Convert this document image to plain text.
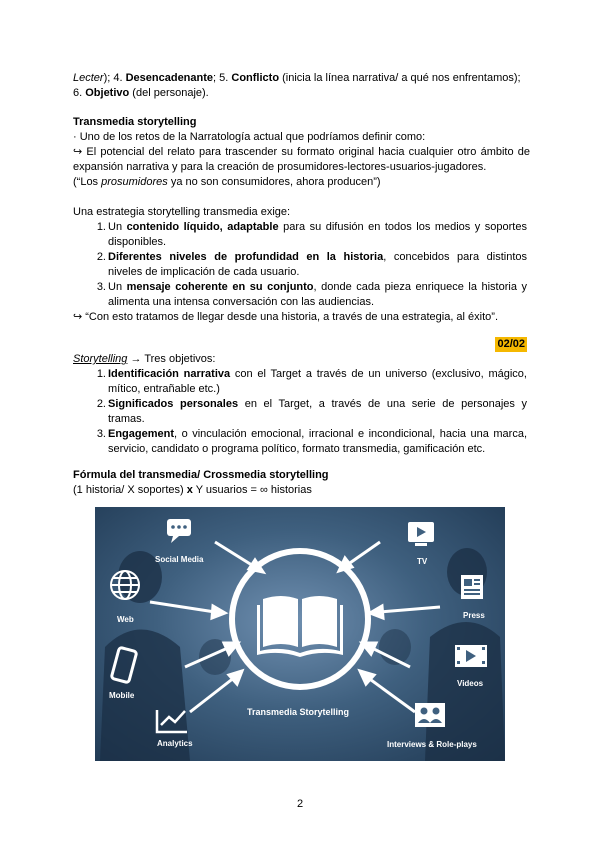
Lecter); 4. Desencadenante; 5. Conflicto (inicia la línea narrativa/ a qué nos enfrentamos);
6. Objetivo (del personaje).
Transmedia storytelling
· Uno de los retos de la Narratología actual que podríamos definir como:
↪ El potencial del relato para trascender su formato original hacia cualquier otro ámbito de
expansión narrativa y para la creación de prosumidores-lectores-usuarios-jugadores.
(“Los prosumidores ya no son consumidores, ahora producen”)
Una estrategia storytelling transmedia exige:
1. Un contenido líquido, adaptable para su difusión en todos los medios y soportes
disponibles.
2. Diferentes niveles de profundidad en la historia, concebidos para distintos
niveles de implicación de cada usuario.
3. Un mensaje coherente en su conjunto, donde cada pieza enriquece la historia y
alimenta una intensa conversación con las audiencias.
↪ “Con esto tratamos de llegar desde una historia, a través de una estrategia, al éxito”.
02/02
Storytelling → Tres objetivos:
1. Identificación narrativa con el Target a través de un universo (exclusivo, mágico,
mítico, entrañable etc.)
2. Significados personales en el Target, a través de una serie de personajes y
tramas.
3. Engagement, o vinculación emocional, irracional e incondicional, hacia una marca,
servicio, candidato o programa político, formato transmedia, gamificación etc.
Fórmula del transmedia/ Crossmedia storytelling
(1 historia/ X soportes) x Y usuarios = ∞ historias
Social Media
Web
Mobile
Analytics
TV
Press
Videos
Interviews & Role-plays
Transmedia Storytelling
2
